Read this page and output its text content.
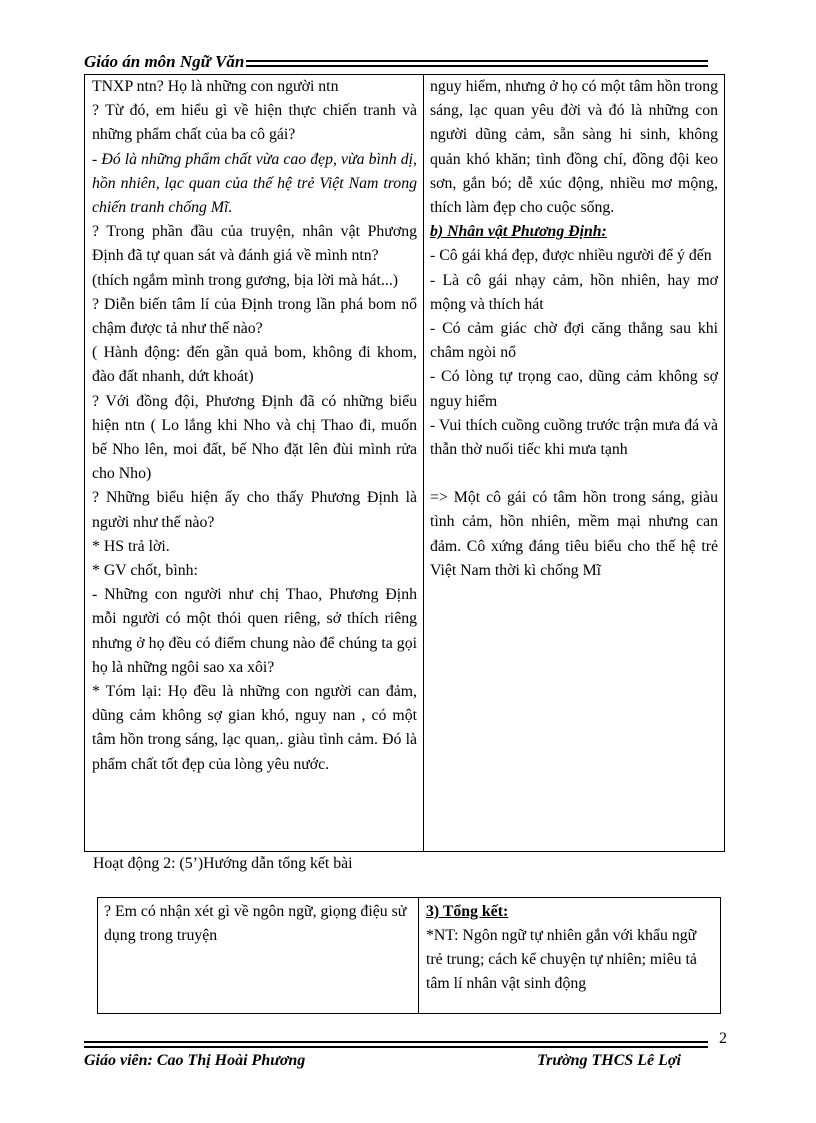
Giáo án môn Ngữ Văn

TNXP ntn? Họ là những con người ntn

? Từ đó, em hiểu gì về hiện thực chiến tranh và những phẩm chất của ba cô gái?

- Đó là những phẩm chất vừa cao đẹp, vừa bình dị, hồn nhiên, lạc quan của thế hệ trẻ Việt Nam trong chiến tranh chống Mĩ.

? Trong phần đầu của truyện, nhân vật Phương Định đã tự quan sát và đánh giá về mình ntn?

(thích ngắm mình trong gương, bịa lời mà hát...)

? Diễn biến tâm lí của Định trong lần phá bom nổ chậm được tả như thế nào?

( Hành động: đến gần quả bom, không đi khom, đào đất nhanh, dứt khoát)

? Với đồng đội, Phương Định đã có những biểu hiện ntn ( Lo lắng khi Nho và chị Thao đi, muốn bế Nho lên, moi đất, bế Nho đặt lên đùi mình rửa cho Nho)

? Những biểu hiện ấy cho thấy Phương Định là người như thế nào?

* HS trả lời.

* GV chốt, bình:

- Những con người như chị Thao, Phương Định mỗi người có một thói quen riêng, sở thích riêng nhưng ở họ đều có điểm chung nào để chúng ta gọi họ là những ngôi sao xa xôi?

* Tóm lại: Họ đều là những con người can đảm, dũng cảm không sợ gian khó, nguy nan , có một tâm hồn trong sáng, lạc quan,. giàu tình cảm. Đó là phẩm chất tốt đẹp của lòng yêu nước.

nguy hiểm, nhưng ở họ có một tâm hồn trong sáng, lạc quan yêu đời và đó là những con người dũng cảm, sẵn sàng hi sinh, không quản khó khăn; tình đồng chí, đồng đội keo sơn, gắn bó; dễ xúc động, nhiều mơ mộng, thích làm đẹp cho cuộc sống.

b) Nhân vật Phương Định:

- Cô gái khá đẹp, được nhiều người để ý đến

- Là cô gái nhạy cảm, hồn nhiên, hay mơ mộng và thích hát

- Có cảm giác chờ đợi căng thẳng sau khi châm ngòi nổ

- Có lòng tự trọng cao, dũng cảm không sợ nguy hiểm

- Vui thích cuồng cuồng trước trận mưa đá và thẫn thờ nuối tiếc khi mưa tạnh

=> Một cô gái có tâm hồn trong sáng, giàu tình cảm, hồn nhiên, mềm mại nhưng can đảm. Cô xứng đáng tiêu biểu cho thế hệ trẻ Việt Nam thời kì chống Mĩ

Hoạt động 2: (5’)Hướng dẫn tổng kết bài

? Em có nhận xét gì về ngôn ngữ, giọng điệu sử dụng trong truyện

3) Tổng kết:

*NT: Ngôn ngữ tự nhiên gắn với khẩu ngữ trẻ trung; cách kể chuyện tự nhiên; miêu tả tâm lí nhân vật sinh động

2
Giáo viên: Cao Thị Hoài Phương	Trường THCS Lê Lợi
